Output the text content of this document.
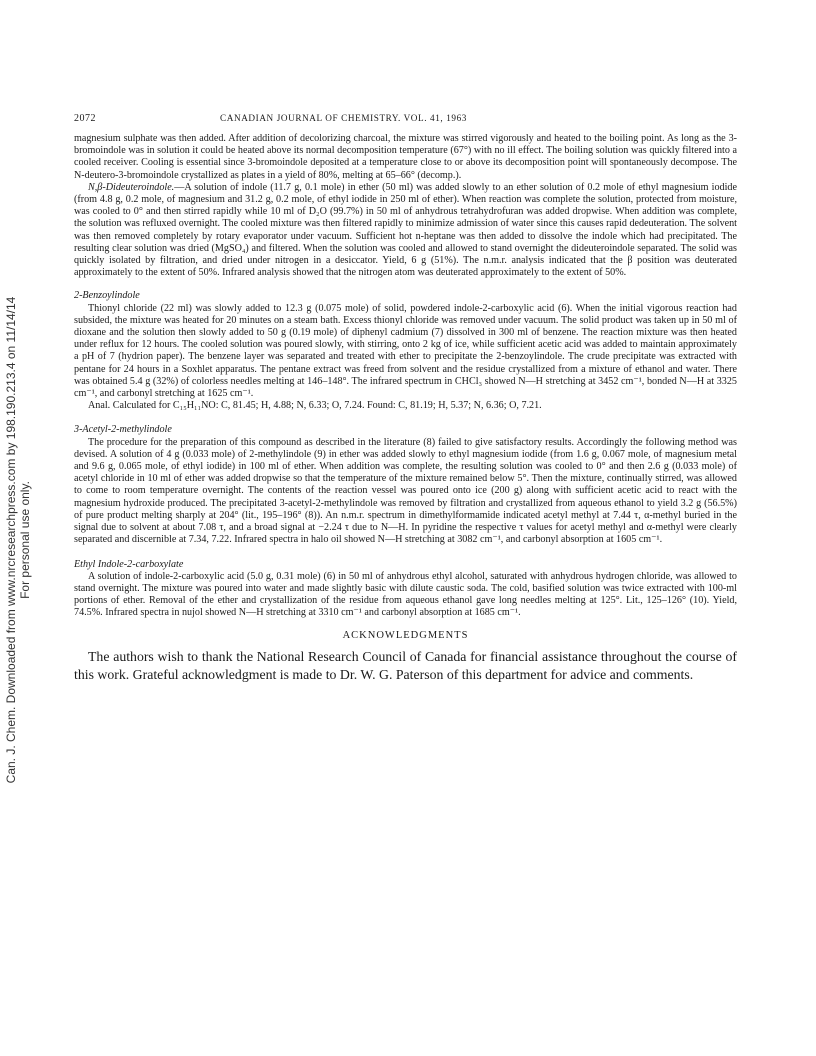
Can. J. Chem. Downloaded from www.nrcresearchpress.com by 198.190.213.4 on 11/14/14 For personal use only.
2072	CANADIAN JOURNAL OF CHEMISTRY. VOL. 41, 1963

magnesium sulphate was then added. After addition of decolorizing charcoal, the mixture was stirred vigorously and heated to the boiling point. As long as the 3-bromoindole was in solution it could be heated above its normal decomposition temperature (67°) with no ill effect. The boiling solution was quickly filtered into a cooled receiver. Cooling is essential since 3-bromoindole deposited at a temperature close to or above its decomposition point will spontaneously decompose. The N-deutero-3-bromoindole crystallized as plates in a yield of 80%, melting at 65–66° (decomp.).

N,β-Dideuteroindole.—A solution of indole (11.7 g, 0.1 mole) in ether (50 ml) was added slowly to an ether solution of 0.2 mole of ethyl magnesium iodide (from 4.8 g, 0.2 mole, of magnesium and 31.2 g, 0.2 mole, of ethyl iodide in 250 ml of ether). When reaction was complete the solution, protected from moisture, was cooled to 0° and then stirred rapidly while 10 ml of D₂O (99.7%) in 50 ml of anhydrous tetrahydrofuran was added dropwise. When addition was complete, the solution was refluxed overnight. The cooled mixture was then filtered rapidly to minimize admission of water since this causes rapid dedeuteration. The solvent was then removed completely by rotary evaporator under vacuum. Sufficient hot n-heptane was then added to dissolve the indole which had precipitated. The resulting clear solution was dried (MgSO₄) and filtered. When the solution was cooled and allowed to stand overnight the dideuteroindole separated. The solid was quickly isolated by filtration, and dried under nitrogen in a desiccator. Yield, 6 g (51%). The n.m.r. analysis indicated that the β position was deuterated approximately to the extent of 50%. Infrared analysis showed that the nitrogen atom was deuterated approximately to the extent of 50%.

2-Benzoylindole

Thionyl chloride (22 ml) was slowly added to 12.3 g (0.075 mole) of solid, powdered indole-2-carboxylic acid (6). When the initial vigorous reaction had subsided, the mixture was heated for 20 minutes on a steam bath. Excess thionyl chloride was removed under vacuum. The solid product was taken up in 50 ml of dioxane and the solution then slowly added to 50 g (0.19 mole) of diphenyl cadmium (7) dissolved in 300 ml of benzene. The reaction mixture was then heated under reflux for 12 hours. The cooled solution was poured slowly, with stirring, onto 2 kg of ice, while sufficient acetic acid was added to maintain approximately a pH of 7 (hydrion paper). The benzene layer was separated and treated with ether to precipitate the 2-benzoylindole. The crude precipitate was extracted with pentane for 24 hours in a Soxhlet apparatus. The pentane extract was freed from solvent and the residue crystallized from a mixture of ethanol and water. There was obtained 5.4 g (32%) of colorless needles melting at 146–148°. The infrared spectrum in CHCl₃ showed N—H stretching at 3452 cm⁻¹, bonded N—H at 3325 cm⁻¹, and carbonyl stretching at 1625 cm⁻¹.

Anal. Calculated for C₁₅H₁₁NO: C, 81.45; H, 4.88; N, 6.33; O, 7.24. Found: C, 81.19; H, 5.37; N, 6.36; O, 7.21.

3-Acetyl-2-methylindole

The procedure for the preparation of this compound as described in the literature (8) failed to give satisfactory results. Accordingly the following method was devised. A solution of 4 g (0.033 mole) of 2-methylindole (9) in ether was added slowly to ethyl magnesium iodide (from 1.6 g, 0.067 mole, of magnesium metal and 9.6 g, 0.065 mole, of ethyl iodide) in 100 ml of ether. When addition was complete, the resulting solution was cooled to 0° and then 2.6 g (0.033 mole) of acetyl chloride in 10 ml of ether was added dropwise so that the temperature of the mixture remained below 5°. Then the mixture, continually stirred, was allowed to come to room temperature overnight. The contents of the reaction vessel was poured onto ice (200 g) along with sufficient acetic acid to react with the magnesium hydroxide produced. The precipitated 3-acetyl-2-methylindole was removed by filtration and crystallized from aqueous ethanol to yield 3.2 g (56.5%) of pure product melting sharply at 204° (lit., 195–196° (8)). An n.m.r. spectrum in dimethylformamide indicated acetyl methyl at 7.44 τ, α-methyl buried in the signal due to solvent at about 7.08 τ, and a broad signal at −2.24 τ due to N—H. In pyridine the respective τ values for acetyl methyl and α-methyl were clearly separated and discernible at 7.34, 7.22. Infrared spectra in halo oil showed N—H stretching at 3082 cm⁻¹, and carbonyl absorption at 1605 cm⁻¹.

Ethyl Indole-2-carboxylate

A solution of indole-2-carboxylic acid (5.0 g, 0.31 mole) (6) in 50 ml of anhydrous ethyl alcohol, saturated with anhydrous hydrogen chloride, was allowed to stand overnight. The mixture was poured into water and made slightly basic with dilute caustic soda. The cold, basified solution was twice extracted with 100-ml portions of ether. Removal of the ether and crystallization of the residue from aqueous ethanol gave long needles melting at 125°. Lit., 125–126° (10). Yield, 74.5%. Infrared spectra in nujol showed N—H stretching at 3310 cm⁻¹ and carbonyl absorption at 1685 cm⁻¹.

ACKNOWLEDGMENTS

The authors wish to thank the National Research Council of Canada for financial assistance throughout the course of this work. Grateful acknowledgment is made to Dr. W. G. Paterson of this department for advice and comments.
